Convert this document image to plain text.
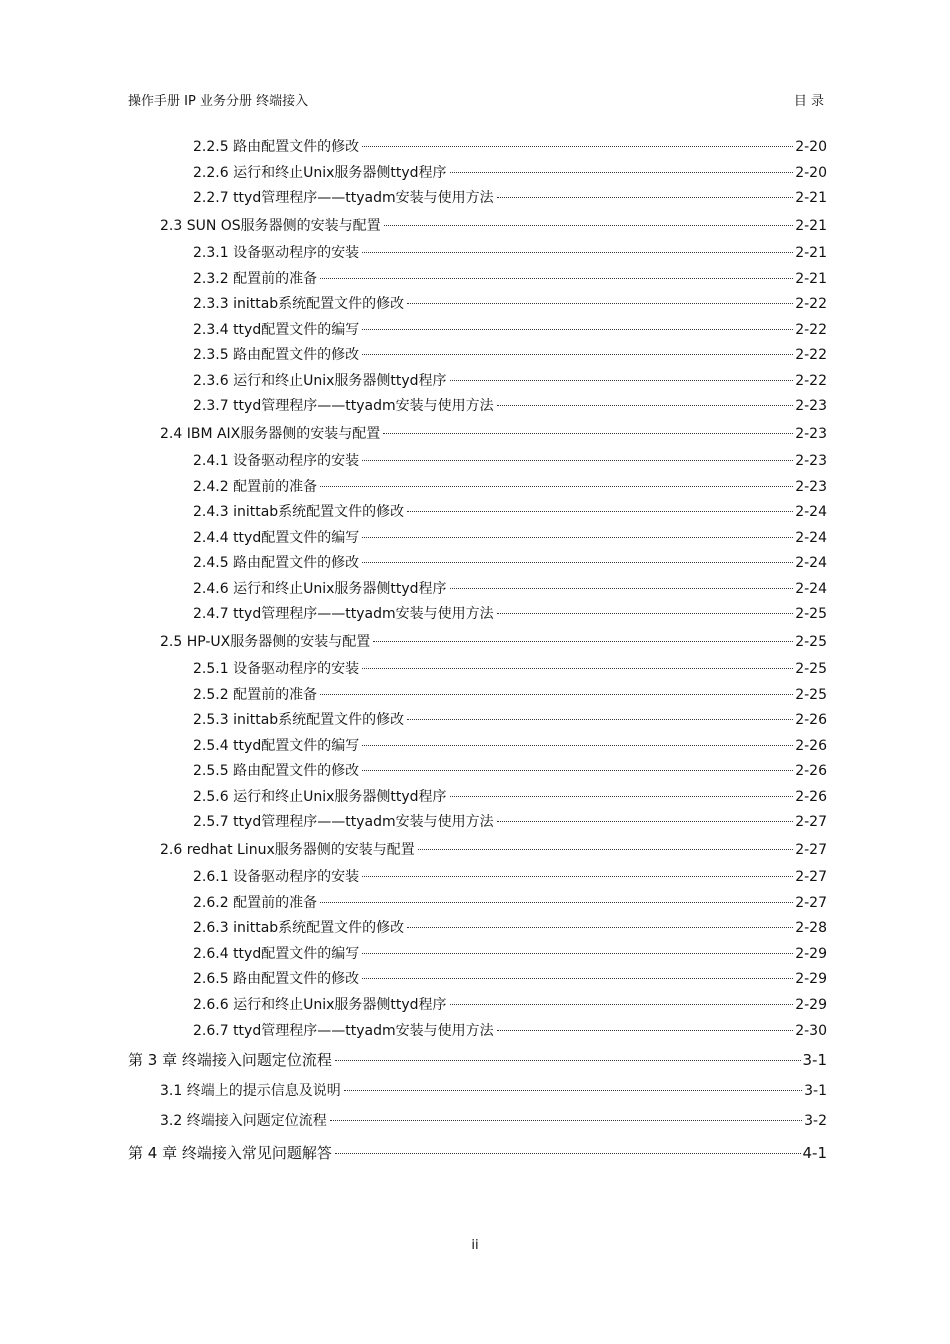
操作手册 IP 业务分册 终端接入	目 录
2.2.5 路由配置文件的修改	2-20
2.2.6 运行和终止Unix服务器侧ttyd程序	2-20
2.2.7 ttyd管理程序——ttyadm安装与使用方法	2-21
2.3 SUN OS服务器侧的安装与配置	2-21
2.3.1 设备驱动程序的安装	2-21
2.3.2 配置前的准备	2-21
2.3.3 inittab系统配置文件的修改	2-22
2.3.4 ttyd配置文件的编写	2-22
2.3.5 路由配置文件的修改	2-22
2.3.6 运行和终止Unix服务器侧ttyd程序	2-22
2.3.7 ttyd管理程序——ttyadm安装与使用方法	2-23
2.4 IBM AIX服务器侧的安装与配置	2-23
2.4.1 设备驱动程序的安装	2-23
2.4.2 配置前的准备	2-23
2.4.3 inittab系统配置文件的修改	2-24
2.4.4 ttyd配置文件的编写	2-24
2.4.5 路由配置文件的修改	2-24
2.4.6 运行和终止Unix服务器侧ttyd程序	2-24
2.4.7 ttyd管理程序——ttyadm安装与使用方法	2-25
2.5 HP-UX服务器侧的安装与配置	2-25
2.5.1 设备驱动程序的安装	2-25
2.5.2 配置前的准备	2-25
2.5.3 inittab系统配置文件的修改	2-26
2.5.4 ttyd配置文件的编写	2-26
2.5.5 路由配置文件的修改	2-26
2.5.6 运行和终止Unix服务器侧ttyd程序	2-26
2.5.7 ttyd管理程序——ttyadm安装与使用方法	2-27
2.6 redhat Linux服务器侧的安装与配置	2-27
2.6.1 设备驱动程序的安装	2-27
2.6.2 配置前的准备	2-27
2.6.3 inittab系统配置文件的修改	2-28
2.6.4 ttyd配置文件的编写	2-29
2.6.5 路由配置文件的修改	2-29
2.6.6 运行和终止Unix服务器侧ttyd程序	2-29
2.6.7 ttyd管理程序——ttyadm安装与使用方法	2-30
第 3 章 终端接入问题定位流程	3-1
3.1 终端上的提示信息及说明	3-1
3.2 终端接入问题定位流程	3-2
第 4 章 终端接入常见问题解答	4-1
ii
